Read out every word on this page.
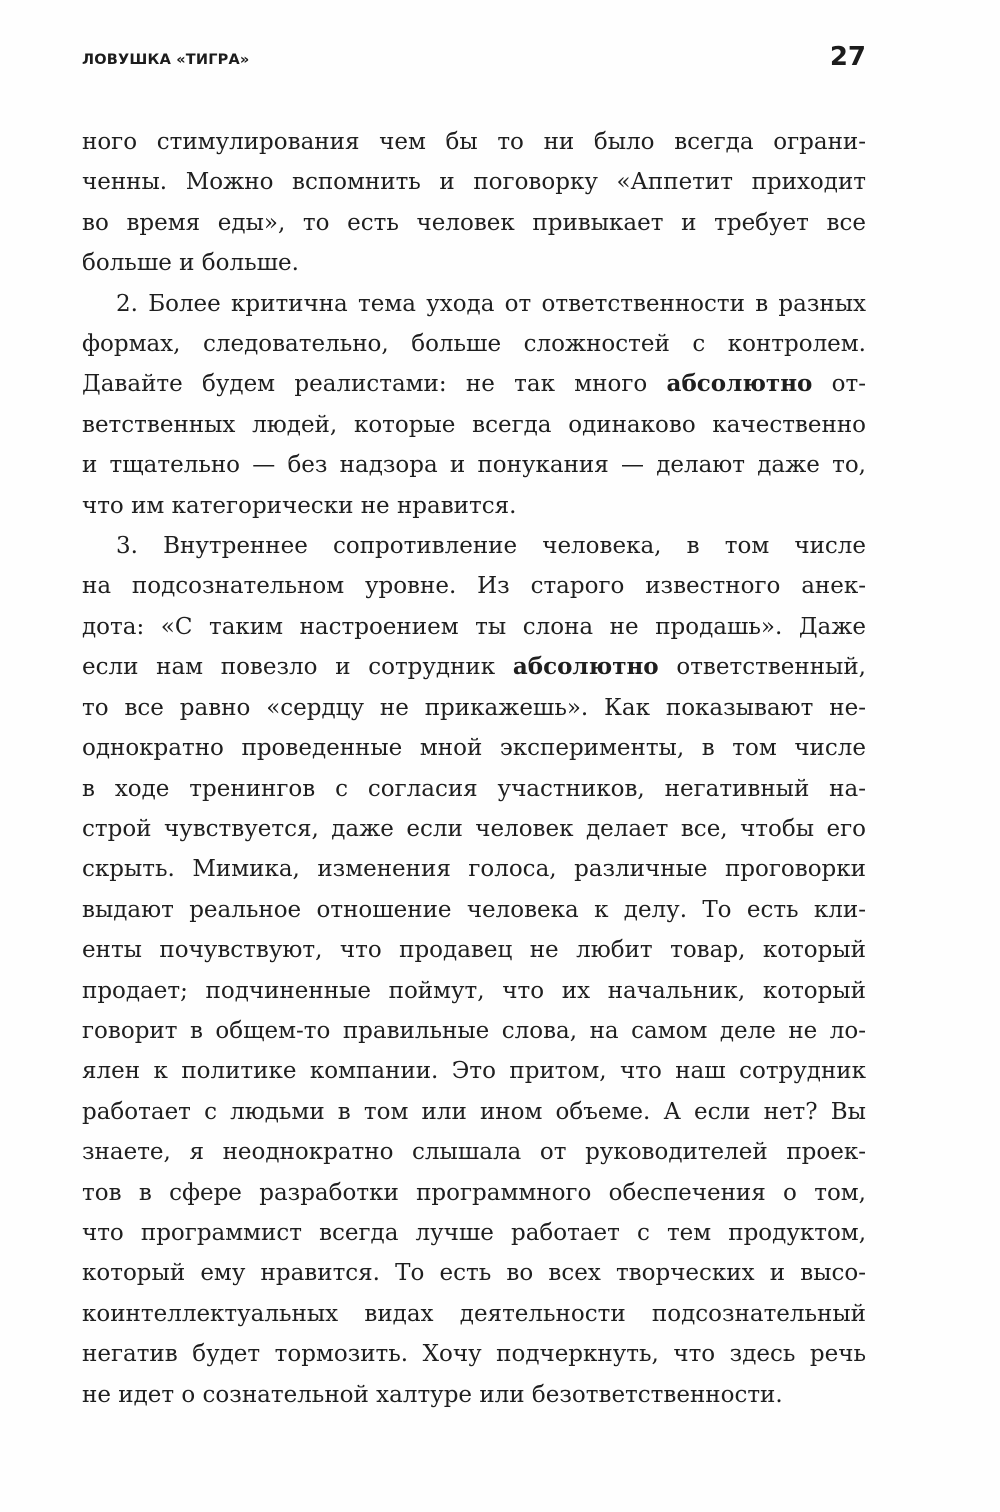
ЛОВУШКА «ТИГРА»	27

ного стимулирования чем бы то ни было всегда ограни-
ченны. Можно вспомнить и поговорку «Аппетит приходит
во время еды», то есть человек привыкает и требует все
больше и больше.

2. Более критична тема ухода от ответственности в разных
формах, следовательно, больше сложностей с контролем.
Давайте будем реалистами: не так много абсолютно от-
ветственных людей, которые всегда одинаково качественно
и тщательно — без надзора и понукания — делают даже то,
что им категорически не нравится.

3. Внутреннее сопротивление человека, в том числе
на подсознательном уровне. Из старого известного анек-
дота: «С таким настроением ты слона не продашь». Даже
если нам повезло и сотрудник абсолютно ответственный,
то все равно «сердцу не прикажешь». Как показывают не-
однократно проведенные мной эксперименты, в том числе
в ходе тренингов с согласия участников, негативный на-
строй чувствуется, даже если человек делает все, чтобы его
скрыть. Мимика, изменения голоса, различные проговорки
выдают реальное отношение человека к делу. То есть кли-
енты почувствуют, что продавец не любит товар, который
продает; подчиненные поймут, что их начальник, который
говорит в общем-то правильные слова, на самом деле не ло-
ялен к политике компании. Это притом, что наш сотрудник
работает с людьми в том или ином объеме. А если нет? Вы
знаете, я неоднократно слышала от руководителей проек-
тов в сфере разработки программного обеспечения о том,
что программист всегда лучше работает с тем продуктом,
который ему нравится. То есть во всех творческих и высо-
коинтеллектуальных видах деятельности подсознательный
негатив будет тормозить. Хочу подчеркнуть, что здесь речь
не идет о сознательной халтуре или безответственности.
